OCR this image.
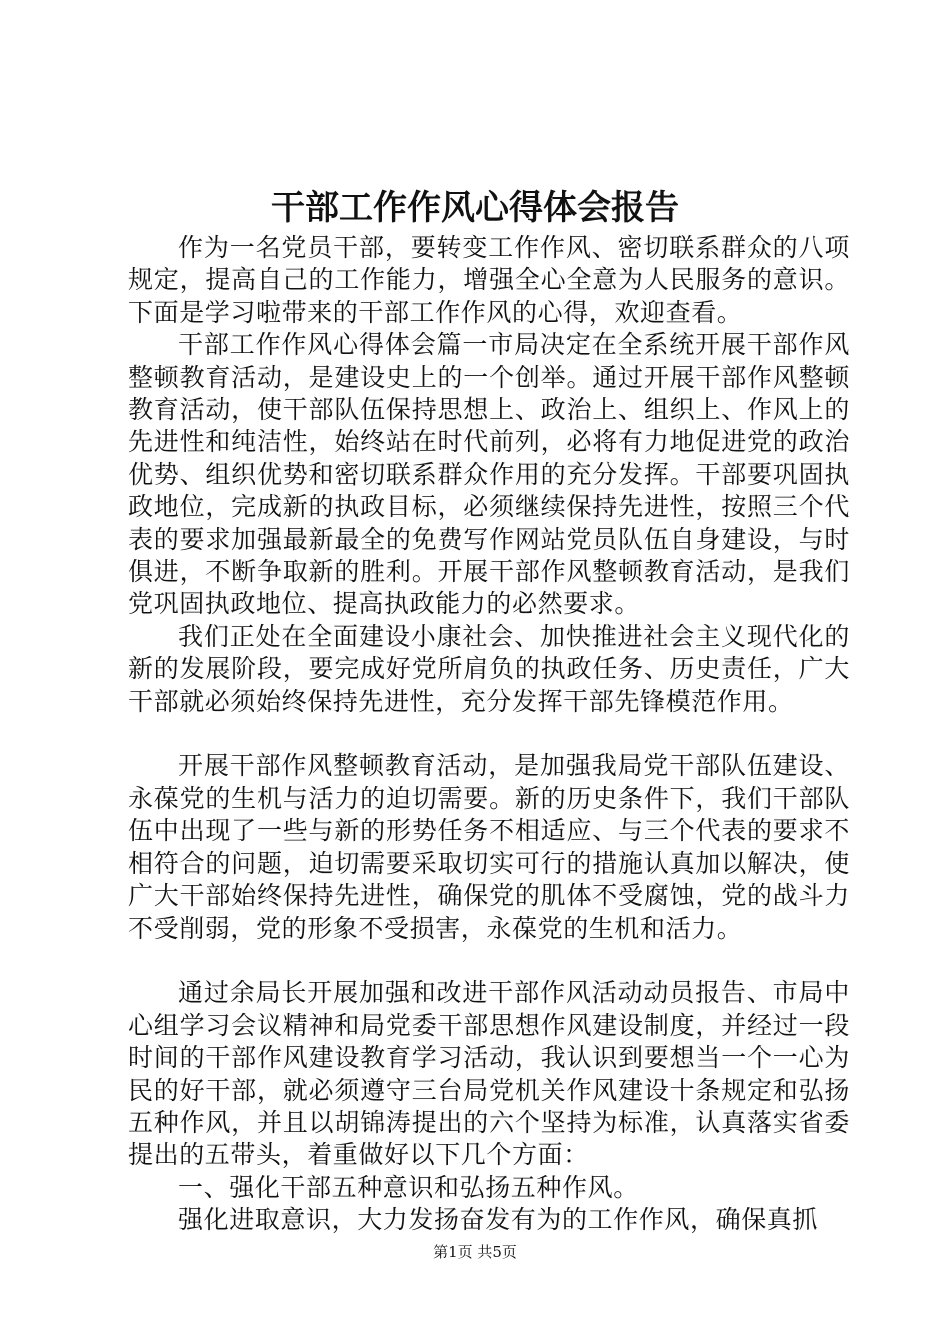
干部工作作风心得体会报告

作为一名党员干部，要转变工作作风、密切联系群众的八项规定，提高自己的工作能力，增强全心全意为人民服务的意识。下面是学习啦带来的干部工作作风的心得，欢迎查看。

干部工作作风心得体会篇一市局决定在全系统开展干部作风整顿教育活动，是建设史上的一个创举。通过开展干部作风整顿教育活动，使干部队伍保持思想上、政治上、组织上、作风上的先进性和纯洁性，始终站在时代前列，必将有力地促进党的政治优势、组织优势和密切联系群众作用的充分发挥。干部要巩固执政地位，完成新的执政目标，必须继续保持先进性，按照三个代表的要求加强最新最全的免费写作网站党员队伍自身建设，与时俱进，不断争取新的胜利。开展干部作风整顿教育活动，是我们党巩固执政地位、提高执政能力的必然要求。

我们正处在全面建设小康社会、加快推进社会主义现代化的新的发展阶段，要完成好党所肩负的执政任务、历史责任，广大干部就必须始终保持先进性，充分发挥干部先锋模范作用。

开展干部作风整顿教育活动，是加强我局党干部队伍建设、永葆党的生机与活力的迫切需要。新的历史条件下，我们干部队伍中出现了一些与新的形势任务不相适应、与三个代表的要求不相符合的问题，迫切需要采取切实可行的措施认真加以解决，使广大干部始终保持先进性，确保党的肌体不受腐蚀，党的战斗力不受削弱，党的形象不受损害，永葆党的生机和活力。

通过余局长开展加强和改进干部作风活动动员报告、市局中心组学习会议精神和局党委干部思想作风建设制度，并经过一段时间的干部作风建设教育学习活动，我认识到要想当一个一心为民的好干部，就必须遵守三台局党机关作风建设十条规定和弘扬五种作风，并且以胡锦涛提出的六个坚持为标准，认真落实省委提出的五带头，着重做好以下几个方面：

一、强化干部五种意识和弘扬五种作风。

强化进取意识，大力发扬奋发有为的工作作风，确保真抓

第1页 共5页
